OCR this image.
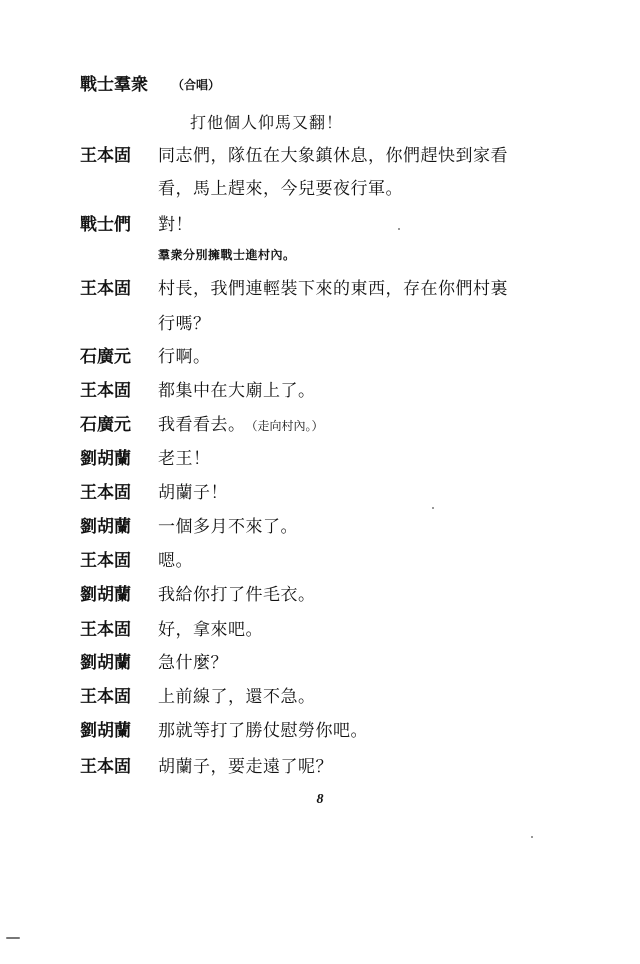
戰士羣衆 （合唱）
打他個人仰馬又翻！
王本固 同志們，隊伍在大象鎮休息，你們趕快到家看
看，馬上趕來，今兒要夜行軍。
戰士們 對！
羣衆分別擁戰士進村內。
王本固 村長，我們連輕裝下來的東西，存在你們村裏
行嗎？
石廣元 行啊。
王本固 都集中在大廟上了。
石廣元 我看看去。 （走向村內。）
劉胡蘭 老王！
王本固 胡蘭子！
劉胡蘭 一個多月不來了。
王本固 嗯。
劉胡蘭 我給你打了件毛衣。
王本固 好，拿來吧。
劉胡蘭 急什麼？
王本固 上前線了，還不急。
劉胡蘭 那就等打了勝仗慰勞你吧。
王本固 胡蘭子，要走遠了呢？
8
